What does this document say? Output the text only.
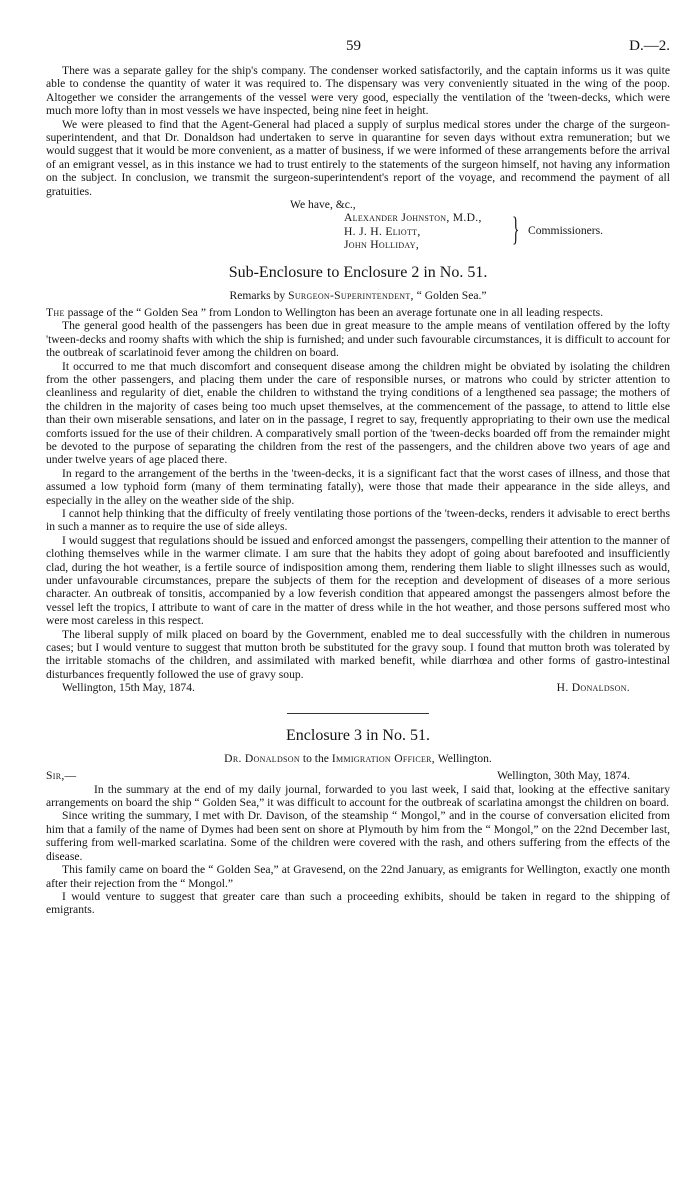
59	D.—2.

There was a separate galley for the ship's company. The condenser worked satisfactorily, and the captain informs us it was quite able to condense the quantity of water it was required to. The dispensary was very conveniently situated in the wing of the poop. Altogether we consider the arrangements of the vessel were very good, especially the ventilation of the 'tween-decks, which were much more lofty than in most vessels we have inspected, being nine feet in height.

We were pleased to find that the Agent-General had placed a supply of surplus medical stores under the charge of the surgeon-superintendent, and that Dr. Donaldson had undertaken to serve in quarantine for seven days without extra remuneration; but we would suggest that it would be more convenient, as a matter of business, if we were informed of these arrangements before the arrival of an emigrant vessel, as in this instance we had to trust entirely to the statements of the surgeon himself, not having any information on the subject. In conclusion, we transmit the surgeon-superintendent's report of the voyage, and recommend the payment of all gratuities.

We have, &c.,
Alexander Johnston, M.D.,
H. J. H. Eliott,
John Holliday,	} Commissioners.
Sub-Enclosure to Enclosure 2 in No. 51.
Remarks by Surgeon-Superintendent, “ Golden Sea.”

The passage of the “ Golden Sea ” from London to Wellington has been an average fortunate one in all leading respects.

The general good health of the passengers has been due in great measure to the ample means of ventilation offered by the lofty 'tween-decks and roomy shafts with which the ship is furnished; and under such favourable circumstances, it is difficult to account for the outbreak of scarlatinoid fever among the children on board.

It occurred to me that much discomfort and consequent disease among the children might be obviated by isolating the children from the other passengers, and placing them under the care of responsible nurses, or matrons who could by stricter attention to cleanliness and regularity of diet, enable the children to withstand the trying conditions of a lengthened sea passage; the mothers of the children in the majority of cases being too much upset themselves, at the commencement of the passage, to attend to little else than their own miserable sensations, and later on in the passage, I regret to say, frequently appropriating to their own use the medical comforts issued for the use of their children. A comparatively small portion of the 'tween-decks boarded off from the remainder might be devoted to the purpose of separating the children from the rest of the passengers, and the children above two years of age and under twelve years of age placed there.

In regard to the arrangement of the berths in the 'tween-decks, it is a significant fact that the worst cases of illness, and those that assumed a low typhoid form (many of them terminating fatally), were those that made their appearance in the side alleys, and especially in the alley on the weather side of the ship.

I cannot help thinking that the difficulty of freely ventilating those portions of the 'tween-decks, renders it advisable to erect berths in such a manner as to require the use of side alleys.

I would suggest that regulations should be issued and enforced amongst the passengers, compelling their attention to the manner of clothing themselves while in the warmer climate. I am sure that the habits they adopt of going about barefooted and insufficiently clad, during the hot weather, is a fertile source of indisposition among them, rendering them liable to slight illnesses such as would, under unfavourable circumstances, prepare the subjects of them for the reception and development of diseases of a more serious character. An outbreak of tonsitis, accompanied by a low feverish condition that appeared amongst the passengers almost before the vessel left the tropics, I attribute to want of care in the matter of dress while in the hot weather, and those persons suffered most who were most careless in this respect.

The liberal supply of milk placed on board by the Government, enabled me to deal successfully with the children in numerous cases; but I would venture to suggest that mutton broth be substituted for the gravy soup. I found that mutton broth was tolerated by the irritable stomachs of the children, and assimilated with marked benefit, while diarrhœa and other forms of gastro-intestinal disturbances frequently followed the use of gravy soup.

Wellington, 15th May, 1874.	H. Donaldson.
Enclosure 3 in No. 51.
Dr. Donaldson to the Immigration Officer, Wellington.
Sir,—	Wellington, 30th May, 1874.

In the summary at the end of my daily journal, forwarded to you last week, I said that, looking at the effective sanitary arrangements on board the ship “ Golden Sea,” it was difficult to account for the outbreak of scarlatina amongst the children on board.

Since writing the summary, I met with Dr. Davison, of the steamship “ Mongol,” and in the course of conversation elicited from him that a family of the name of Dymes had been sent on shore at Plymouth by him from the “ Mongol,” on the 22nd December last, suffering from well-marked scarlatina. Some of the children were covered with the rash, and others suffering from the effects of the disease.

This family came on board the “ Golden Sea,” at Gravesend, on the 22nd January, as emigrants for Wellington, exactly one month after their rejection from the “ Mongol.”

I would venture to suggest that greater care than such a proceeding exhibits, should be taken in regard to the shipping of emigrants.
